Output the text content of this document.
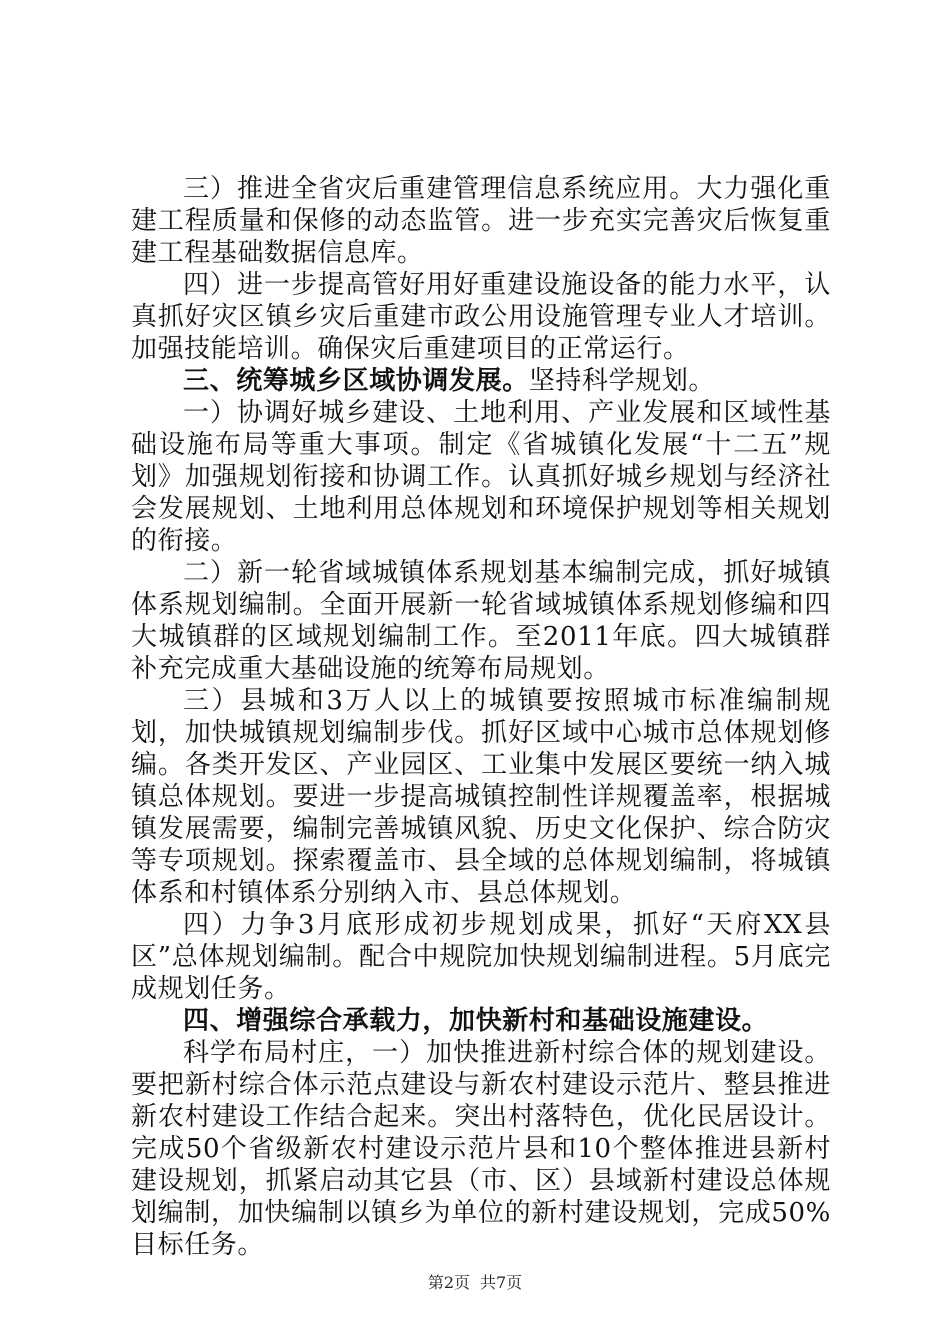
三）推进全省灾后重建管理信息系统应用。大力强化重建工程质量和保修的动态监管。进一步充实完善灾后恢复重建工程基础数据信息库。

四）进一步提高管好用好重建设施设备的能力水平，认真抓好灾区镇乡灾后重建市政公用设施管理专业人才培训。加强技能培训。确保灾后重建项目的正常运行。

三、统筹城乡区域协调发展。坚持科学规划。

一）协调好城乡建设、土地利用、产业发展和区域性基础设施布局等重大事项。制定《省城镇化发展“十二五”规划》加强规划衔接和协调工作。认真抓好城乡规划与经济社会发展规划、土地利用总体规划和环境保护规划等相关规划的衔接。

二）新一轮省域城镇体系规划基本编制完成，抓好城镇体系规划编制。全面开展新一轮省域城镇体系规划修编和四大城镇群的区域规划编制工作。至2011年底。四大城镇群补充完成重大基础设施的统筹布局规划。

三）县城和3万人以上的城镇要按照城市标准编制规划，加快城镇规划编制步伐。抓好区域中心城市总体规划修编。各类开发区、产业园区、工业集中发展区要统一纳入城镇总体规划。要进一步提高城镇控制性详规覆盖率，根据城镇发展需要，编制完善城镇风貌、历史文化保护、综合防灾等专项规划。探索覆盖市、县全域的总体规划编制，将城镇体系和村镇体系分别纳入市、县总体规划。

四）力争3月底形成初步规划成果，抓好“天府XX县区”总体规划编制。配合中规院加快规划编制进程。5月底完成规划任务。

四、增强综合承载力，加快新村和基础设施建设。

科学布局村庄，一）加快推进新村综合体的规划建设。要把新村综合体示范点建设与新农村建设示范片、整县推进新农村建设工作结合起来。突出村落特色，优化民居设计。完成50个省级新农村建设示范片县和10个整体推进县新村建设规划，抓紧启动其它县（市、区）县域新村建设总体规划编制，加快编制以镇乡为单位的新村建设规划，完成50%目标任务。

第2页 共7页
